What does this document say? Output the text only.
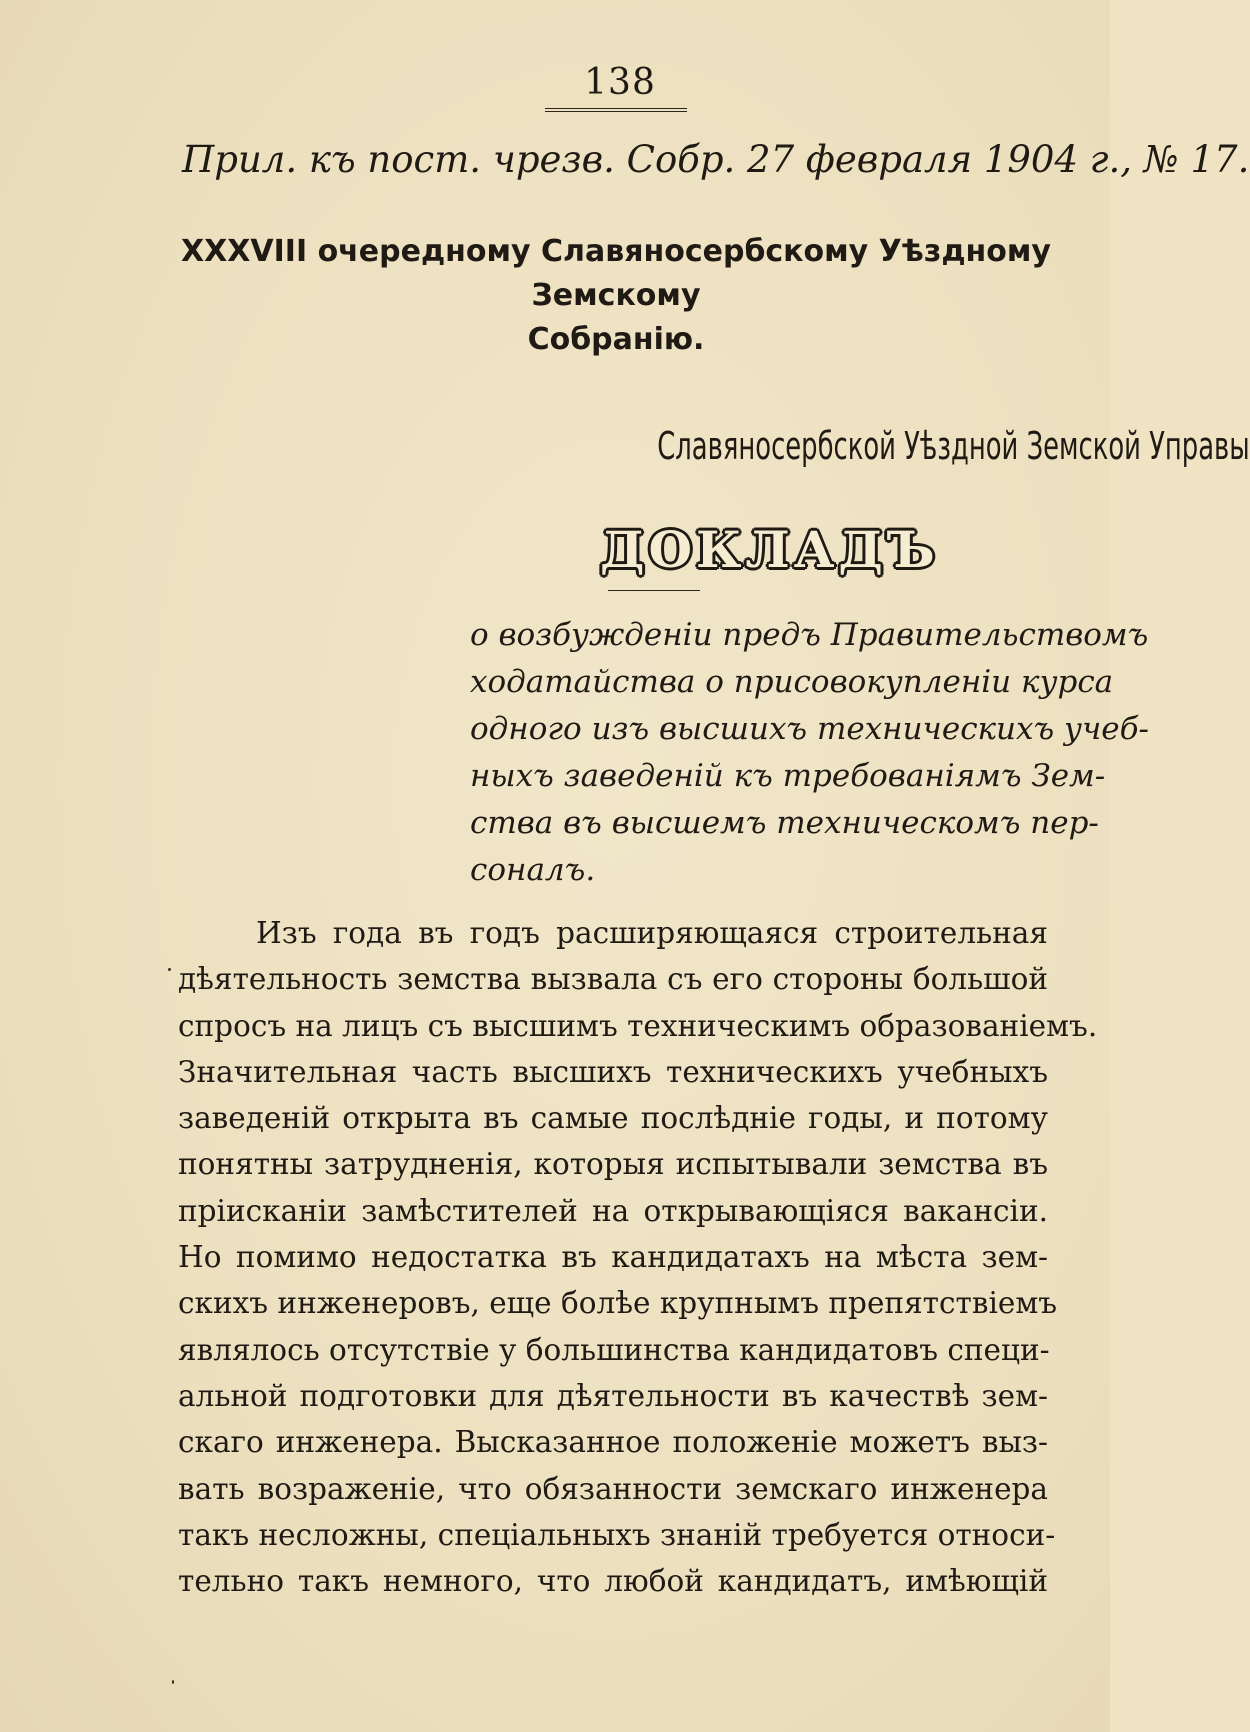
138
Прил. къ пост. чрезв. Собр. 27 февраля 1904 г., № 17.
XXXVIII очередному Славяносербскому Уѣздному Земскому
Собранію.
Славяносербской Уѣздной Земской Управы
ДОКЛАДЪ
о возбужденіи предъ Правительствомъ
ходатайства о присовокупленіи курса
одного изъ высшихъ техническихъ учеб-
ныхъ заведеній къ требованіямъ Зем-
ства въ высшемъ техническомъ пер-
соналъ.
Изъ года въ годъ расширяющаяся строительная
дѣятельность земства вызвала съ его стороны большой
спросъ на лицъ съ высшимъ техническимъ образованіемъ.
Значительная часть высшихъ техническихъ учебныхъ
заведеній открыта въ самые послѣдніе годы, и потому
понятны затрудненія, которыя испытывали земства въ
пріисканіи замѣстителей на открывающіяся вакансіи.
Но помимо недостатка въ кандидатахъ на мѣста зем-
скихъ инженеровъ, еще болѣе крупнымъ препятствіемъ
являлось отсутствіе у большинства кандидатовъ специ-
альной подготовки для дѣятельности въ качествѣ зем-
скаго инженера. Высказанное положеніе можетъ выз-
вать возраженіе, что обязанности земскаго инженера
такъ несложны, спеціальныхъ знаній требуется относи-
тельно такъ немного, что любой кандидатъ, имѣющій
